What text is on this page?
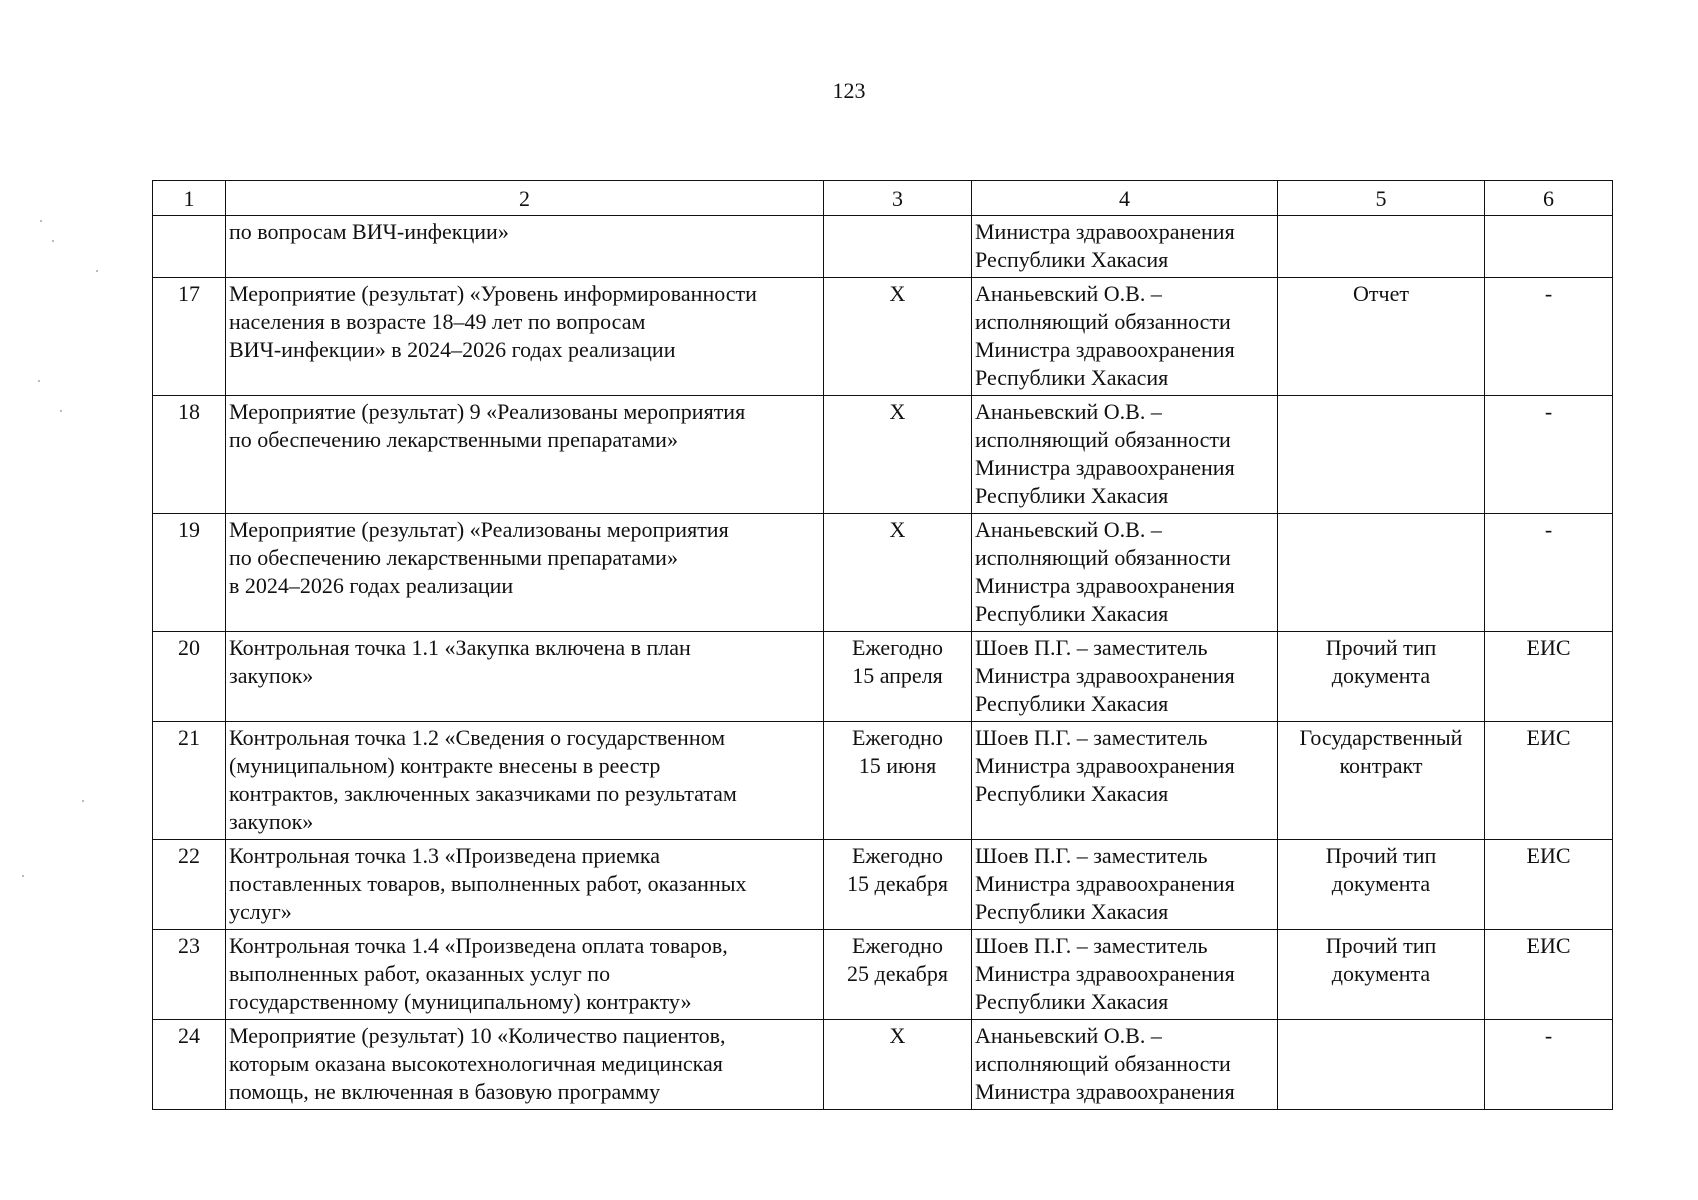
123
1	2	3	4	5	6
	по вопросам ВИЧ-инфекции»		Министра здравоохранения
Республики Хакасия		
17	Мероприятие (результат) «Уровень информированности
населения в возрасте 18–49 лет по вопросам
ВИЧ-инфекции» в 2024–2026 годах реализации	X	Ананьевский О.В. –
исполняющий обязанности
Министра здравоохранения
Республики Хакасия	Отчет	-
18	Мероприятие (результат) 9 «Реализованы мероприятия
по обеспечению лекарственными препаратами»	X	Ананьевский О.В. –
исполняющий обязанности
Министра здравоохранения
Республики Хакасия		-
19	Мероприятие (результат) «Реализованы мероприятия
по обеспечению лекарственными препаратами»
в 2024–2026 годах реализации	X	Ананьевский О.В. –
исполняющий обязанности
Министра здравоохранения
Республики Хакасия		-
20	Контрольная точка 1.1 «Закупка включена в план
закупок»	Ежегодно
15 апреля	Шоев П.Г. – заместитель
Министра здравоохранения
Республики Хакасия	Прочий тип
документа	ЕИС
21	Контрольная точка 1.2 «Сведения о государственном
(муниципальном) контракте внесены в реестр
контрактов, заключенных заказчиками по результатам
закупок»	Ежегодно
15 июня	Шоев П.Г. – заместитель
Министра здравоохранения
Республики Хакасия	Государственный
контракт	ЕИС
22	Контрольная точка 1.3 «Произведена приемка
поставленных товаров, выполненных работ, оказанных
услуг»	Ежегодно
15 декабря	Шоев П.Г. – заместитель
Министра здравоохранения
Республики Хакасия	Прочий тип
документа	ЕИС
23	Контрольная точка 1.4 «Произведена оплата товаров,
выполненных работ, оказанных услуг по
государственному (муниципальному) контракту»	Ежегодно
25 декабря	Шоев П.Г. – заместитель
Министра здравоохранения
Республики Хакасия	Прочий тип
документа	ЕИС
24	Мероприятие (результат) 10 «Количество пациентов,
которым оказана высокотехнологичная медицинская
помощь, не включенная в базовую программу	X	Ананьевский О.В. –
исполняющий обязанности
Министра здравоохранения		-
